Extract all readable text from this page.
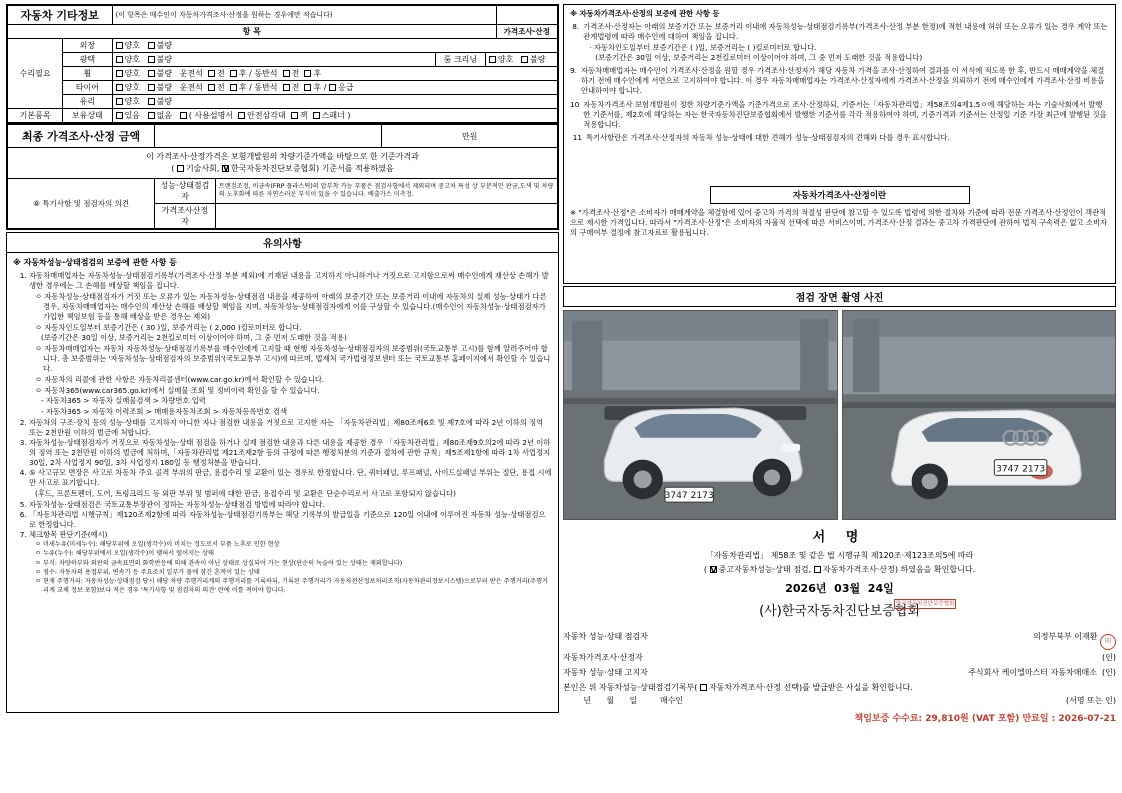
자동차 기타정보		(이 항목은 매수인이 자동차가격조사·산정을 원하는 경우에만 적습니다)			
항 목					가격조사·산정
수리필요	외장	양호 불량			
	광택	양호 불량	룸 크리닝	양호 불량	
	휠	양호 불량 운전석 전 후 / 동반석 전 후			
	타이어	양호 불량 운전석 전 후 / 동반석 전 후 / 응급			
	유리	양호 불량			
기본품목	보유상태	있음 없음 ( 사용설명서 안전삼각대 잭 스패너 )			
최종 가격조사·산정 금액		만원

이 가격조사·산정가격은 보험개발원의 차량기준가액을 바탕으로 한 기준가격과
( 기술사회, V 한국자동차진단보증협회) 기준서를 적용하였음

⑧ 특기사항 및 점검자의 의견	
성능·상태점검자	트랜검조정, 비금속(FRP 플라스틱)의 압부착 가능 부품은 점검사항에서 제외되며 중고차 특성 상 부분적인 판금,도색 및 차량의 노후화에 따른 자연스러운 부식이 있을 수 있습니다. 배출가스 미측정.
가격조사산정자	
유의사항
※ 자동차성능·상태점검의 보증에 관한 사항 등
1. 자동차매매업자는 자동차성능·상태점검기록부(가격조사·산정 부분 제외)에 기재된 내용을 고지하지 아니하거나 거짓으로 고지함으로써 매수인에게 재산상 손해가 발생한 경우에는 그 손해를 배상할 책임을 집니다.
ㅇ 자동차성능·상태점검자가 거짓 또는 오류가 있는 자동차성능·상태점검 내용을 제공하여 아래의 보증기간 또는 보증거리 이내에 자동차의 실제 성능·상태가 다른 경우, 자동차매매업자는 매수인의 재산상 손해를 배상할 책임을 지며, 자동차성능·상태점검자에게 이를 구상할 수 있습니다.(매수인이 자동차성능·상태점검자가 가입한 책임보험 등을 통해 배상을 받은 경우는 제외)
ㅇ 자동차인도일부터 보증기간은 ( 30 )일, 보증거리는 ( 2,000 )킬로미터로 합니다.
(보증기간은 30일 이상, 보증거리는 2천킬로미터 이상이어야 하며, 그 중 먼저 도래한 것을 적용)
ㅇ 자동차매매업자는 자동차 자동차성능·상태점검기록부를 매수인에게 고지할 때 현행 자동차성능·상태점검자의 보증범위(국토교통부 고시)를 함께 알려주어야 합니다. 총 보증범위는 '자동차성능·상태점검자의 보증범위'(국토교통부 고시)에 따르며, 법제처 국가법령정보센터 또는 국토교통부 홈페이지에서 확인할 수 있습니다.
ㅇ 자동차의 리콜에 관한 사항은 자동차리콜센터(www.car.go.kr)에서 확인할 수 있습니다.
ㅇ 자동차365(www.car365.go.kr)에서 실매물 조회 및 정비이력 확인을 할 수 있습니다.
- 자동차365 > 자동차 실매물검색 > 차량번호 입력
- 자동차365 > 자동차 이력조회 > 매매용자동차조회 > 자동차등록번호 검색
2. 자동차의 구조·장치 등의 성능·상태를 고지하지 아니한 자나 점검한 내용을 거짓으로 고지한 자는 「자동차관리법」제80조제6호 및 제7호에 따라 2년 이하의 징역 또는 2천만원 이하의 벌금에 처합니다.
3. 자동차성능·상태점검자가 거짓으로 자동차성능·상태 점검을 하거나 실제 점검한 내용과 다른 내용을 제공한 경우 「자동차관리법」제80조제9호의2에 따라 2년 이하의 징역 또는 2천만원 이하의 벌금에 처하며,「자동차관리법 제21조제2항 등의 규정에 따른 행정처분의 기준과 절차에 관한 규칙」제5조제1항에 따라 1차 사업정지 30일, 2차 사업정지 90일, 3차 사업정지 180일 등 행정처분을 받습니다.
4. ⑤ 사고규모 면장은 사고로 차동차 주요 골격 부위의 판금, 용접수리 및 교환이 있는 경우로 한정합니다. 단, 쿼터패널, 루프패널, 사이드실패널 부위는 절단, 용접 시에만 사고로 표기합니다.
(후드, 프론트펜더, 도어, 트렁크리드 등 외판 부위 및 범퍼에 대한 판금, 용접수리 및 교환은 단순수리로서 사고로 포함되지 않습니다)
5. 자동차성능·상태점검은 국토교통부장관이 정하는 자동차성능·상태점검 방법에 따라야 합니다.
6. 「자동차관리법 시행규칙」제120조제2항에 따라 자동차성능·상태점검기록부는 해당 기록부의 발급일을 기준으로 120일 이내에 이루어진 자동차 성능·상태점검으로 한정합니다.
7. 체크항목 판단기준(예시)
ㅇ 미세누유(미세누수): 해당부위에 오일(생각수)이 비치는 정도로서 부품 노후로 인한 현상
ㅇ 누유(누수): 해당부위에서 오일(생각수)이 맺혀서 떨어지는 상태
ㅇ 부식: 차량하부와 외판의 금속표면의 화학반응에 의해 관속이 아닌 상태로 상실되어 가는 현상(단순히 녹슬어 있는 상태는 제외합니다)
ㅇ 점수: 자동차의 용접부위, 변속기 등 주요조치 일부가 물에 잠긴 흔적이 있는 상태
ㅇ 현재 주행거리: 자동차성능·상태점검 당시 해당 차량 주행거리계의 주행거리를 기록하되, 기록된 주행거리가 자동차전산정보처리조직(자동차관리정보시스템)으로부터 받은 주행거리(주행거리계 교체 정보 포함)보다 적은 경우 '특기사항 및 점검자의 의견' 란에 이를 적어야 합니다.
※ 자동차가격조사·산정의 보증에 관한 사항 등
8. 가격조사·산정자는 아래의 보증기간 또는 보증거리 이내에 자동차성능·상태점검기록부(가격조사·산정 부분 한정)에 적힌 내용에 허위 또는 오류가 있는 경우 계약 또는 관계법령에 따라 매수인에 대하여 책임을 집니다.
· 자동차인도일부터 보증기간은 ( )일, 보증거리는 ( )킬로미터로 합니다.
(보증기간은 30일 이상, 보증거리는 2천킬로미터 이상이어야 하며, 그 중 먼저 도래한 것을 적용합니다)
9. 자동차매매업자는 매수인이 가격조사·산정을 원할 경우 가격조사·산정자가 해당 자동차 가격을 조사·산정하여 결과를 이 서식에 적도록 한 후, 반드시 매매계약을 체결하기 전에 매수인에게 서면으로 고지하여야 합니다. 이 경우 자동차매매업자는 가격조사·산정자에게 가격조사·산정을 의뢰하기 전에 매수인에게 가격조사·산정 비용을 안내하여야 합니다.
10 자동차가격조사 보험개발원이 정한 차량기준가액을 기준가격으로 조사·산정하되, 기준서는「자동차관리법」제58조의4제1.5ㅇ에 해당하는 자는 기술사회에서 발행한 기준서를, 제2호에 해당하는 자는 한국자동차진단보증협회에서 발행한 기준서를 각각 적용하여야 하며, 기준가격과 기준서는 산정일 기준 가장 최근에 발행된 것을 적용합니다.
11 특기사항란은 가격조사·산정자의 자동차 성능·상태에 대한 견해가 성능·상태점검자의 견해와 다를 경우 표시합니다.
자동차가격조사·산정이란
※ "가격조사·산정"은 소비자가 매매계약을 체결함에 있어 중고차 가격의 적절성 판단에 참고할 수 있도록 법령에 의한 절차와 기준에 따라 전문 가격조사·산정인이 객관적으로 제시한 가격입니다. 따라서 "가격조사·산정"은 소비자의 자율적 선택에 따른 서비스이며, 가격조사·산정 결과는 중고차 가격판단에 관하여 법적 구속력은 없고 소비자의 구매여부 결정에 참고자료로 활용됩니다.
점검 장면 촬영 사진
3747 2173
3747 2173
서 명
「자동차관리법」 제58조 및 같은 법 시행규칙 제120조·제123조의5에 따라
( V 중고자동차성능·상태 점검, 자동차가격조사·산정) 하였음을 확인합니다.
2026년 03월 24일
(사)한국자동차진단보증협회
한국자동차진단보증협회
자동차 성능·상태 점검자	의정부북부 이재환 印
자동차가격조사·산정자	(인)
자동차 성능·상태 고지자	주식회사 케이엘마스터 자동차매매소 (인)
본인은 위 자동차성능·상태점검기록부( 자동차가격조사·산정 선택)를 발급받은 사실을 확인합니다.
년 월 일	매수인	(서명 또는 인)
책임보증 수수료: 29,810원 (VAT 포함) 만료일 : 2026-07-21
